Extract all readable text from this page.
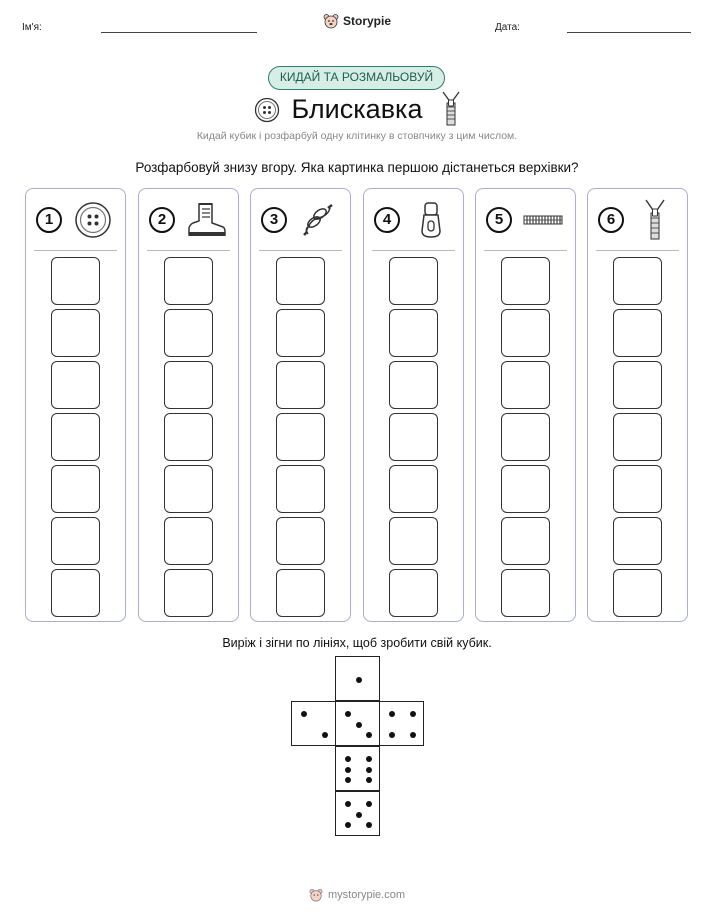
Ім'я:	Дата:
Storypie
КИДАЙ ТА РОЗМАЛЬОВУЙ
Блискавка
Кидай кубик і розфарбуй одну клітинку в стовпчику з цим числом.
Розфарбовуй знизу вгору. Яка картинка першою дістанеться верхівки?
1	2	3	4	5	6
Виріж і зігни по лініях, щоб зробити свій кубик.
mystorypie.com
